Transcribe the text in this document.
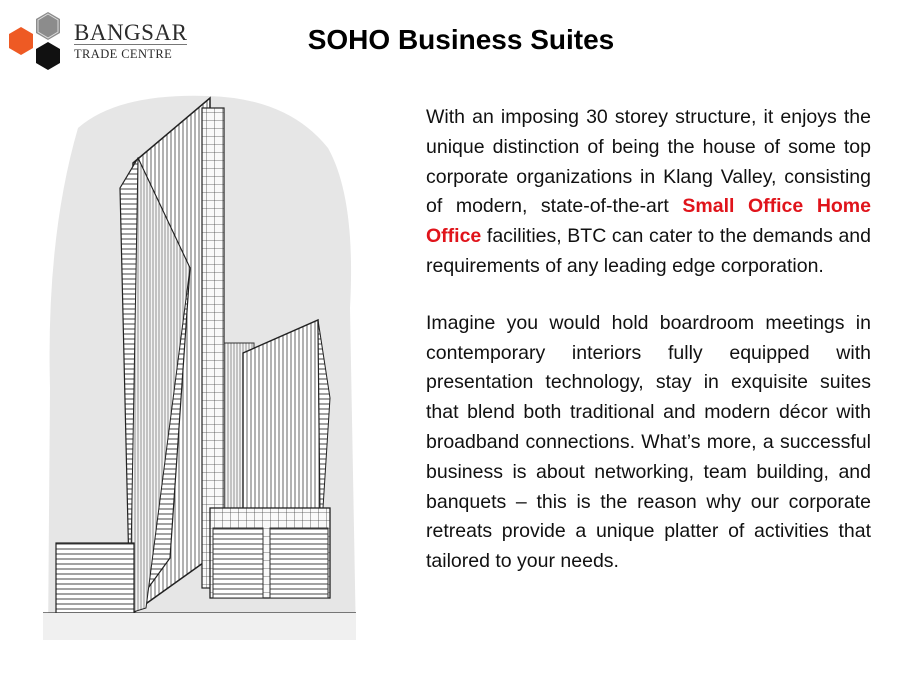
BANGSAR
TRADE CENTRE	SOHO Business Suites

With an imposing 30 storey structure, it enjoys the unique distinction of being the house of some top corporate organizations in Klang Valley, consisting of modern, state-of-the-art Small Office Home Office facilities, BTC can cater to the demands and requirements of any leading edge corporation.

Imagine you would hold boardroom meetings in contemporary interiors fully equipped with presentation technology, stay in exquisite suites that blend both traditional and modern décor with broadband connections. What’s more, a successful business is about networking, team building, and banquets – this is the reason why our corporate retreats provide a unique platter of activities that tailored to your needs.
